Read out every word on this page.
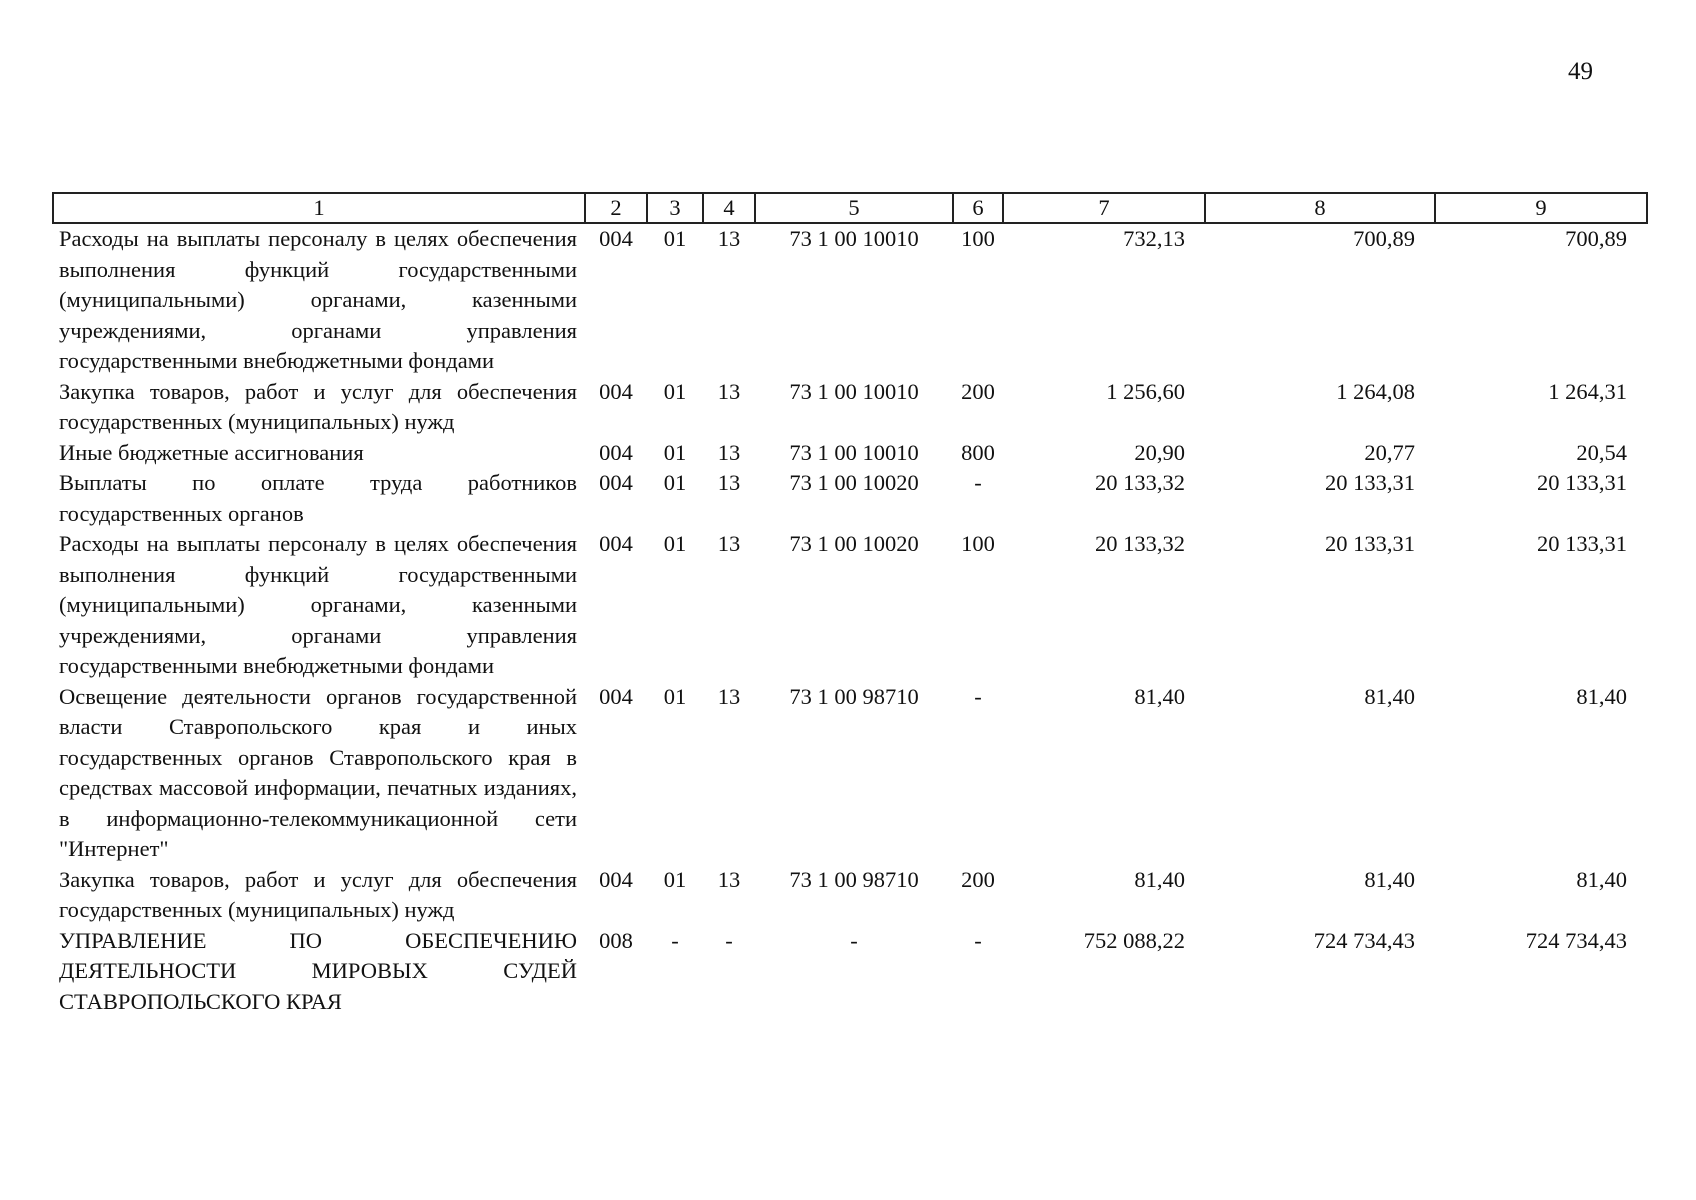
49
1	2	3	4	5	6	7	8	9
Расходы на выплаты персоналу в целях обеспечения выполнения функций государственными (муниципальными) органами, казенными учреждениями, органами управления государственными внебюджетными фондами	004	01	13	73 1 00 10010	100	732,13	700,89	700,89
Закупка товаров, работ и услуг для обеспечения государственных (муниципальных) нужд	004	01	13	73 1 00 10010	200	1 256,60	1 264,08	1 264,31
Иные бюджетные ассигнования	004	01	13	73 1 00 10010	800	20,90	20,77	20,54
Выплаты по оплате труда работников государственных органов	004	01	13	73 1 00 10020	-	20 133,32	20 133,31	20 133,31
Расходы на выплаты персоналу в целях обеспечения выполнения функций государственными (муниципальными) органами, казенными учреждениями, органами управления государственными внебюджетными фондами	004	01	13	73 1 00 10020	100	20 133,32	20 133,31	20 133,31
Освещение деятельности органов государственной власти Ставропольского края и иных государственных органов Ставропольского края в средствах массовой информации, печатных изданиях, в информационно-телекоммуникационной сети "Интернет"	004	01	13	73 1 00 98710	-	81,40	81,40	81,40
Закупка товаров, работ и услуг для обеспечения государственных (муниципальных) нужд	004	01	13	73 1 00 98710	200	81,40	81,40	81,40
УПРАВЛЕНИЕ ПО ОБЕСПЕЧЕНИЮ ДЕЯТЕЛЬНОСТИ МИРОВЫХ СУДЕЙ СТАВРОПОЛЬСКОГО КРАЯ	008	-	-	-	-	752 088,22	724 734,43	724 734,43
